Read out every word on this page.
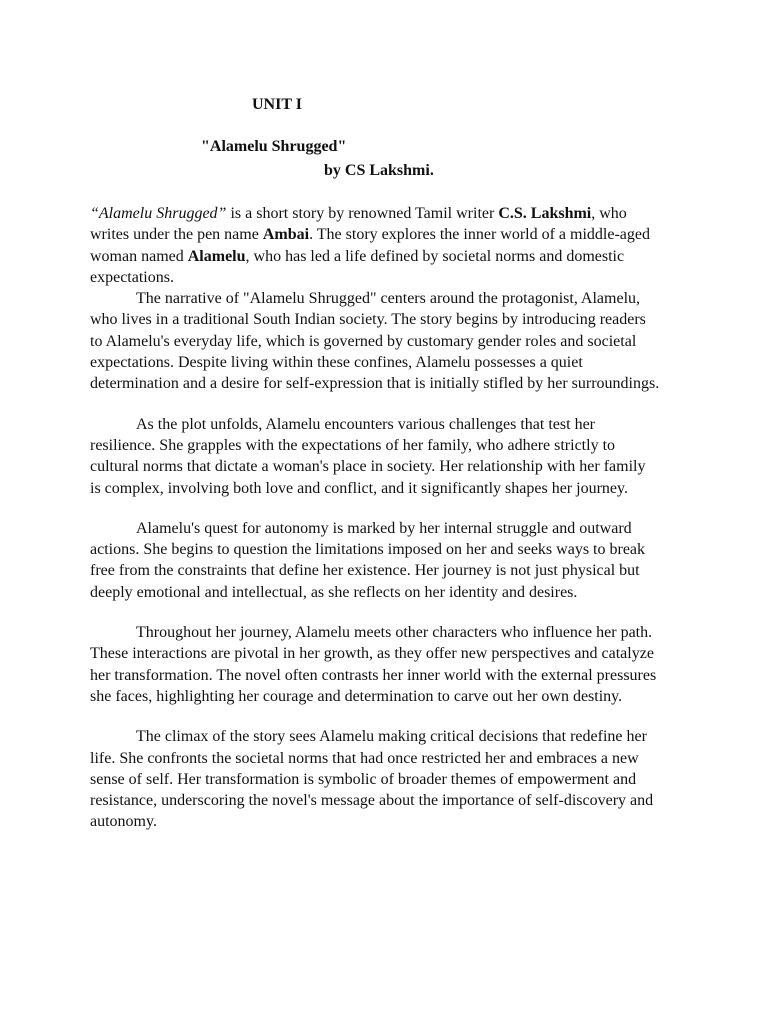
UNIT I
"Alamelu Shrugged"
by CS Lakshmi.

“Alamelu Shrugged” is a short story by renowned Tamil writer C.S. Lakshmi, who writes under the pen name Ambai. The story explores the inner world of a middle-aged woman named Alamelu, who has led a life defined by societal norms and domestic expectations.

The narrative of "Alamelu Shrugged" centers around the protagonist, Alamelu, who lives in a traditional South Indian society. The story begins by introducing readers to Alamelu's everyday life, which is governed by customary gender roles and societal expectations. Despite living within these confines, Alamelu possesses a quiet determination and a desire for self-expression that is initially stifled by her surroundings.

As the plot unfolds, Alamelu encounters various challenges that test her resilience. She grapples with the expectations of her family, who adhere strictly to cultural norms that dictate a woman's place in society. Her relationship with her family is complex, involving both love and conflict, and it significantly shapes her journey.

Alamelu's quest for autonomy is marked by her internal struggle and outward actions. She begins to question the limitations imposed on her and seeks ways to break free from the constraints that define her existence. Her journey is not just physical but deeply emotional and intellectual, as she reflects on her identity and desires.

Throughout her journey, Alamelu meets other characters who influence her path. These interactions are pivotal in her growth, as they offer new perspectives and catalyze her transformation. The novel often contrasts her inner world with the external pressures she faces, highlighting her courage and determination to carve out her own destiny.

The climax of the story sees Alamelu making critical decisions that redefine her life. She confronts the societal norms that had once restricted her and embraces a new sense of self. Her transformation is symbolic of broader themes of empowerment and resistance, underscoring the novel's message about the importance of self-discovery and autonomy.
